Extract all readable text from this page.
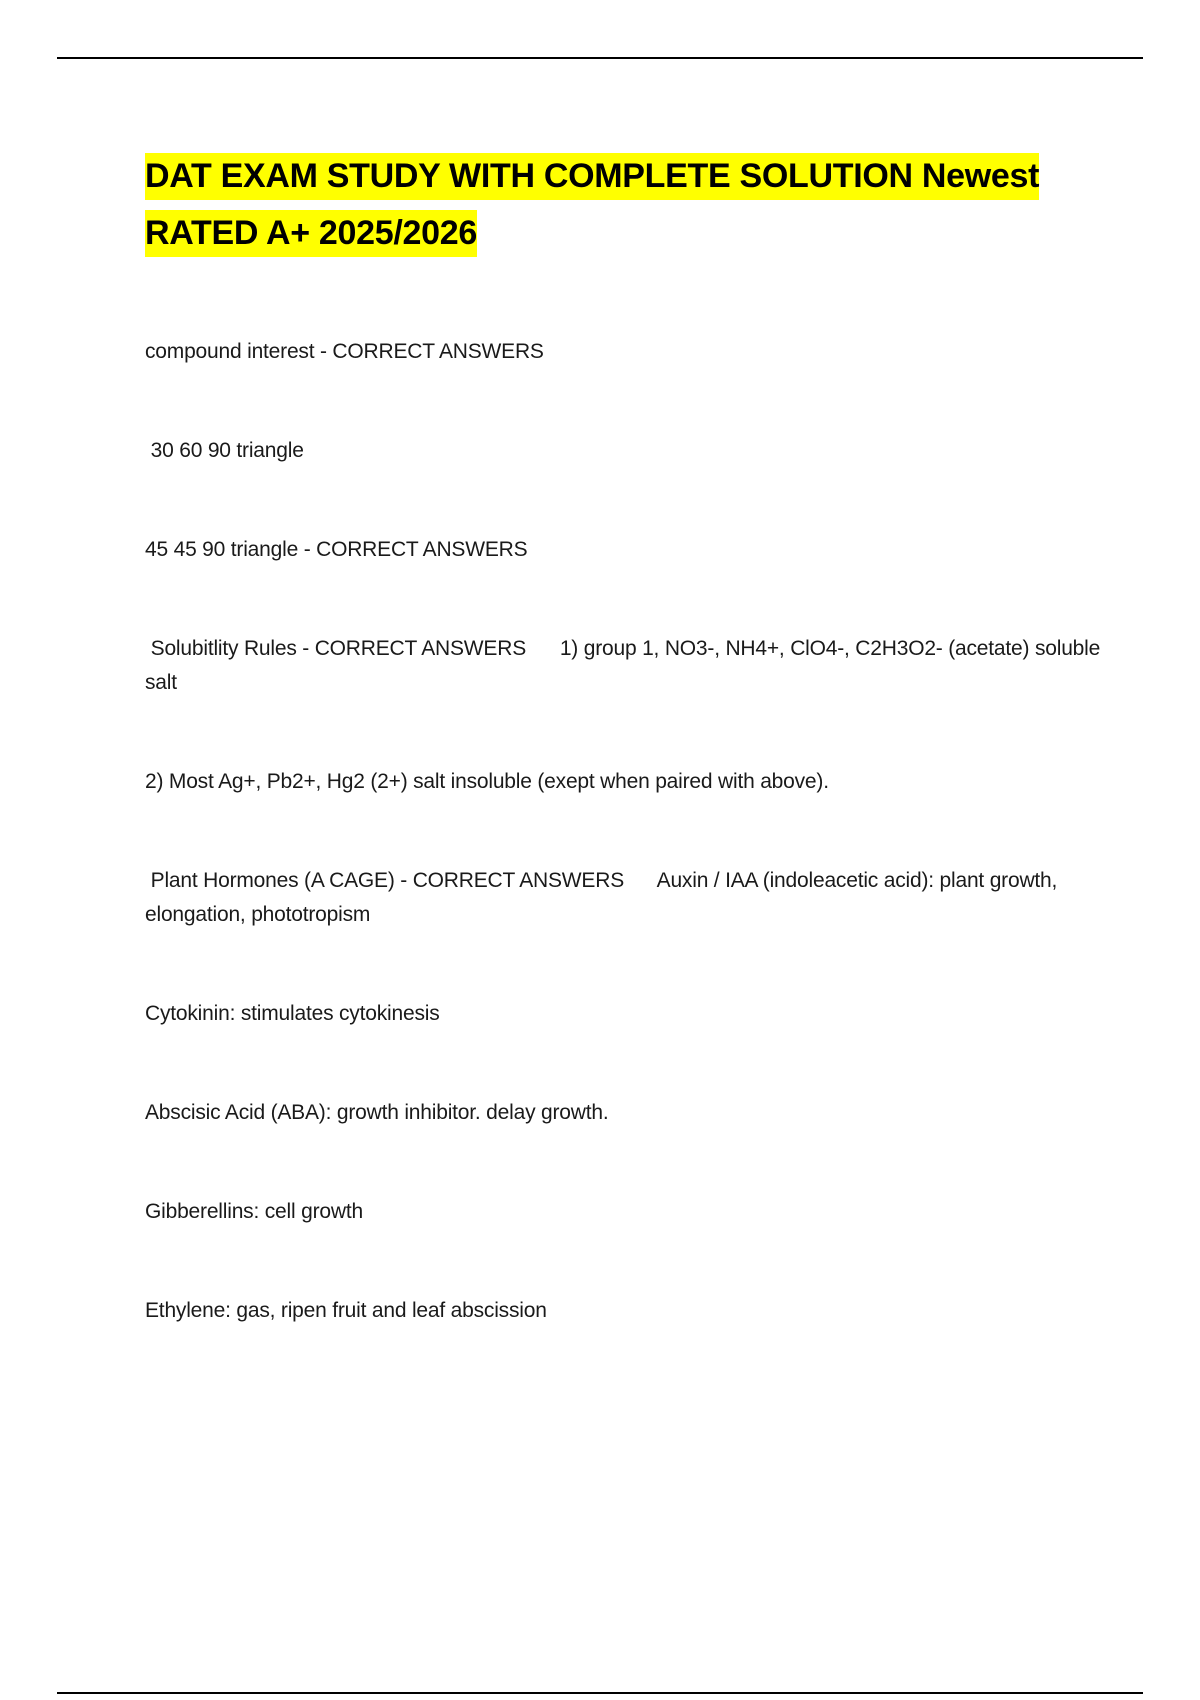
DAT EXAM STUDY WITH COMPLETE SOLUTION Newest RATED A+ 2025/2026

compound interest - CORRECT ANSWERS

30 60 90 triangle

45 45 90 triangle - CORRECT ANSWERS

Solubitlity Rules - CORRECT ANSWERS      1) group 1, NO3-, NH4+, ClO4-, C2H3O2- (acetate) soluble salt

2) Most Ag+, Pb2+, Hg2 (2+) salt insoluble (exept when paired with above).

Plant Hormones (A CAGE) - CORRECT ANSWERS      Auxin / IAA (indoleacetic acid): plant growth, elongation, phototropism

Cytokinin: stimulates cytokinesis

Abscisic Acid (ABA): growth inhibitor. delay growth.

Gibberellins: cell growth

Ethylene: gas, ripen fruit and leaf abscission
